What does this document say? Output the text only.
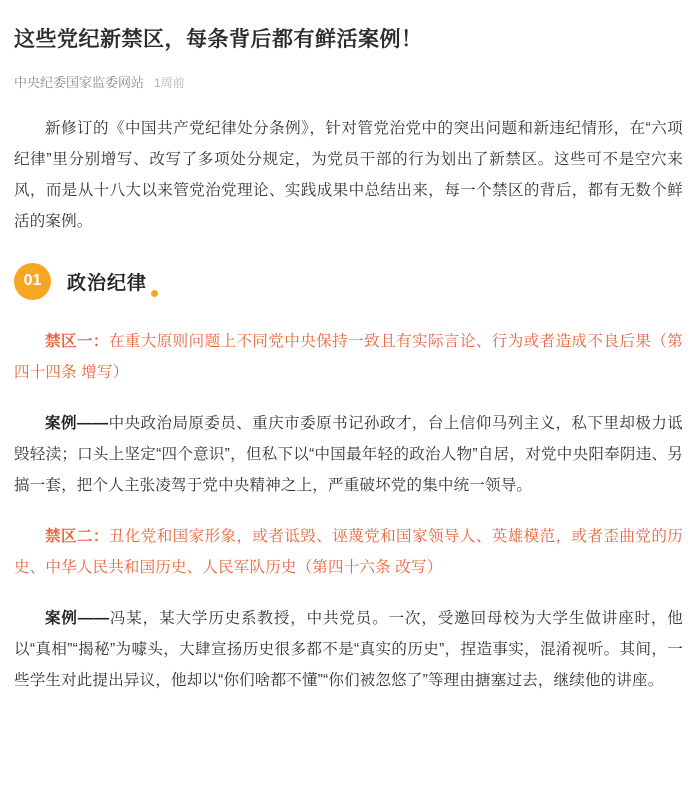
这些党纪新禁区，每条背后都有鲜活案例！
中央纪委国家监委网站 1周前

新修订的《中国共产党纪律处分条例》，针对管党治党中的突出问题和新违纪情形，在“六项纪律”里分别增写、改写了多项处分规定，为党员干部的行为划出了新禁区。这些可不是空穴来风，而是从十八大以来管党治党理论、实践成果中总结出来，每一个禁区的背后，都有无数个鲜活的案例。

01	政治纪律

禁区一：在重大原则问题上不同党中央保持一致且有实际言论、行为或者造成不良后果（第四十四条 增写）

案例——中央政治局原委员、重庆市委原书记孙政才，台上信仰马列主义，私下里却极力诋毁轻渎；口头上坚定“四个意识”，但私下以“中国最年轻的政治人物”自居，对党中央阳奉阴违、另搞一套，把个人主张凌驾于党中央精神之上，严重破坏党的集中统一领导。

禁区二：丑化党和国家形象，或者诋毁、诬蔑党和国家领导人、英雄模范，或者歪曲党的历史、中华人民共和国历史、人民军队历史（第四十六条 改写）

案例——冯某，某大学历史系教授，中共党员。一次，受邀回母校为大学生做讲座时，他以“真相”“揭秘”为噱头，大肆宣扬历史很多都不是“真实的历史”，捏造事实，混淆视听。其间，一些学生对此提出异议，他却以“你们啥都不懂”“你们被忽悠了”等理由搪塞过去，继续他的讲座。
